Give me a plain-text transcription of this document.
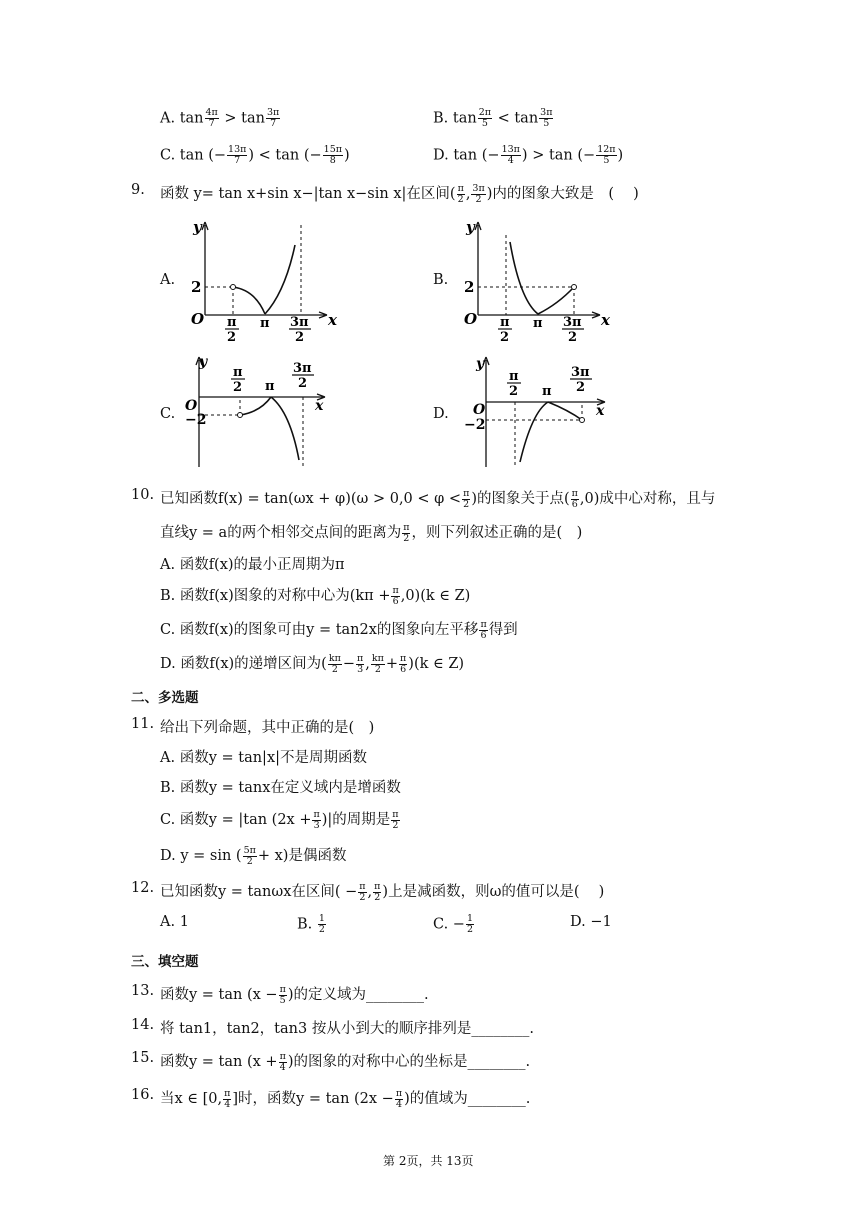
A. $\tan \frac{4\pi}{7} > \tan \frac{3\pi}{7}$	B. $\tan \frac{2\pi}{5} < \tan \frac{3\pi}{5}$
C. tan (− $\frac{13\pi}{7}$ ) < tan (− $\frac{15\pi}{8}$ )	D. tan (− $\frac{13\pi}{4}$ ) > tan (− $\frac{12\pi}{5}$ )
9. 函数 y= tan x+sin x−|tan x−sin x|在区间( $\frac{\pi}{2}$ , $\frac{3\pi}{2}$ )内的图象大致是　(　 )
A.	B.
C.	D.
y
x
O
2
π
2
π 3π
2
y
x
O
2
π
2
π 3π
2
y
x
O
−2
π
2 π
3π
2
y
x
O
−2
π
2 π
3π
2
10. 已知函数$f(x) = \tan(\omega x + \varphi)(\omega > 0,0 < \varphi < \frac{\pi}{2}$ )的图象关于点( $\frac{\pi}{6} ,0$)成中心对称，且与
直线y = a的两个相邻交点间的距离为 $\frac{\pi}{2}$ ，则下列叙述正确的是(　)
A. 函数f(x)的最小正周期为π
B. 函数f(x)图象的对称中心为$(k\pi + \frac{\pi}{6} ,0)(k$ ∈ Z)
C. 函数f(x)的图象可由y = tan2x的图象向左平移 $\frac{\pi}{6}$ 得到
D. 函数f(x)的递增区间为( $\frac{k\pi}{2} - \frac{\pi}{3}$ , $\frac{k\pi}{2} + \frac{\pi}{6} )(k$ ∈ Z)
二、多选题
11. 给出下列命题，其中正确的是(　)
A. 函数y = tan|x|不是周期函数
B. 函数y = tanx在定义域内是增函数
C. 函数y = |tan ($2x + \frac{\pi}{3}$ )|的周期是 $\frac{\pi}{2}$
D. y = sin ( $\frac{5\pi}{2} + x$)是偶函数
12. 已知函数y = tanωx在区间( − $\frac{\pi}{2}$ , $\frac{\pi}{2}$ )上是减函数，则ω的值可以是(　 )
A. 1	B. $\frac{1}{2}$	C. − $\frac{1}{2}$	D. −1
三、填空题
13. 函数$y = \tan (x - \frac{\pi}{5}$ )的定义域为________.
14. 将 tan1，tan2，tan3 按从小到大的顺序排列是________.
15. 函数$y = \tan (x + \frac{\pi}{4}$ )的图象的对称中心的坐标是________.
16. 当x ∈ [0, $\frac{\pi}{4}$ ]时，函数$y = \tan (2x - \frac{\pi}{4}$ )的值域为________.
第 2页，共 13页
